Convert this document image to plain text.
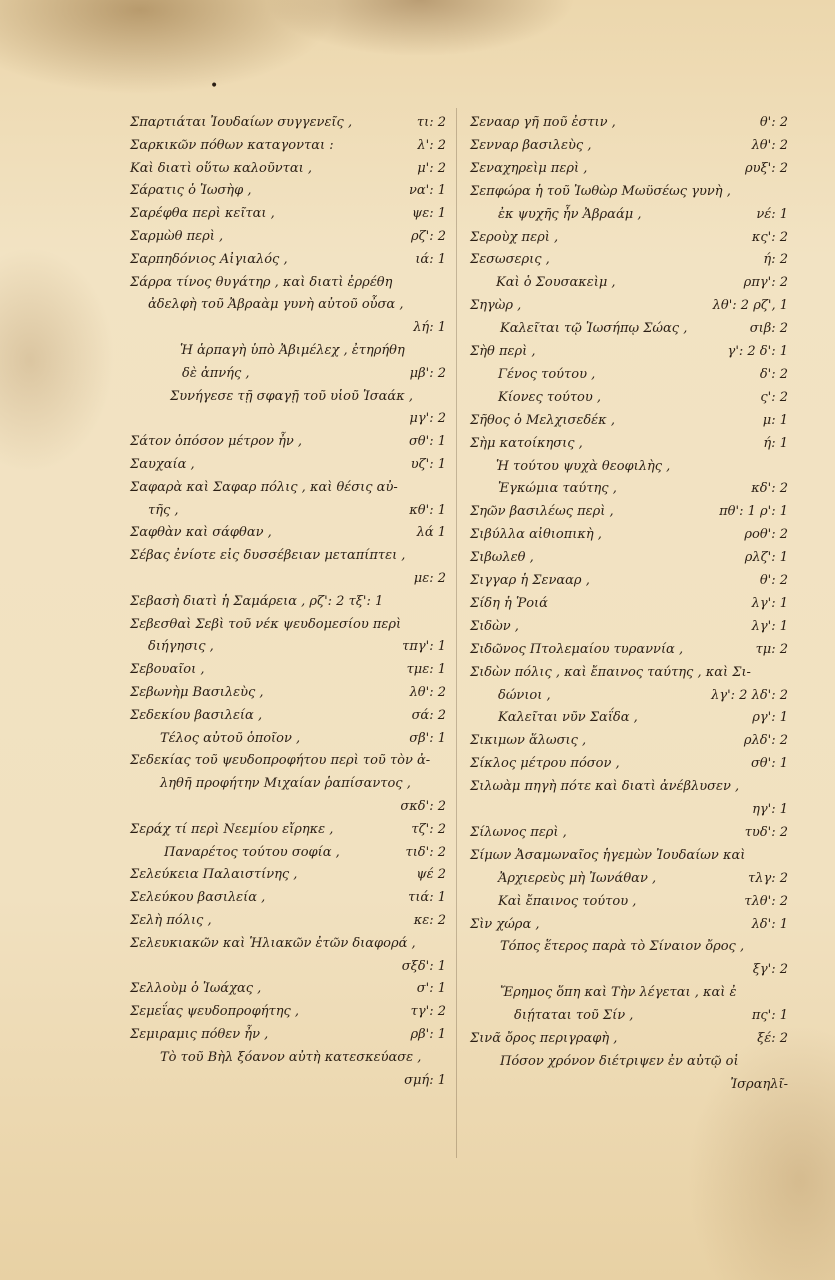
•
Σπαρτιάται Ἰουδαίων συγγενεῖς ,	τι: 2
Σαρκικῶν πόθων καταγονται :	λ': 2
Καὶ διατὶ οὕτω καλοῦνται ,	μ': 2
Σάρατις ὁ Ἰωσὴφ ,	να': 1
Σαρέφθα περὶ κεῖται ,	ψε: 1
Σαρμὼθ περὶ ,	ρζ': 2
Σαρπηδόνιος Αἰγιαλός ,	ιά: 1
Σάρρα τίνος θυγάτηρ , καὶ διατὶ ἐρρέθη
ἀδελφὴ τοῦ Ἀβραὰμ γυνὴ αὐτοῦ οὖσα ,
λή: 1
Ἡ ἁρπαγὴ ὑπὸ Ἀβιμέλεχ , ἐτηρήθη
δὲ ἀπνής ,	μβ': 2
Συνήγεσε τῇ σφαγῇ τοῦ υἱοῦ Ἰσαάκ ,
μγ': 2
Σάτον ὁπόσον μέτρον ἦν ,	σθ': 1
Σαυχαία ,	υζ': 1
Σαφαρὰ καὶ Σαφαρ πόλις , καὶ θέσις αὐ-
τῆς ,	κθ': 1
Σαφθὰν καὶ σάφθαν ,	λά 1
Σέβας ἐνίοτε εἰς δυσσέβειαν μεταπίπτει ,
με: 2
Σεβασὴ διατὶ ἡ Σαμάρεια , ρζ': 2 τξ': 1
Σεβεσθαὶ Σεβὶ τοῦ νέκ ψευδομεσίου περὶ
διήγησις ,	τπγ': 1
Σεβουαῖοι ,	τμε: 1
Σεβωνὴμ Βασιλεὺς ,	λθ': 2
Σεδεκίου βασιλεία ,	σά: 2
Τέλος αὐτοῦ ὁποῖον ,	σβ': 1
Σεδεκίας τοῦ ψευδοπροφήτου περὶ τοῦ τὸν ἀ-
ληθῆ προφήτην Μιχαίαν ῥαπίσαντος ,
σκδ': 2
Σεράχ τί περὶ Νεεμίου εἴρηκε ,	τζ': 2
Παναρέτος τούτου σοφία ,	τιδ': 2
Σελεύκεια Παλαιστίνης ,	ψέ 2
Σελεύκου βασιλεία ,	τιά: 1
Σελὴ πόλις ,	κε: 2
Σελευκιακῶν καὶ Ἡλιακῶν ἐτῶν διαφορά ,
σξδ': 1
Σελλοὺμ ὁ Ἰωάχας ,	σ': 1
Σεμεΐας ψευδοπροφήτης ,	τγ': 2
Σεμιραμις πόθεν ἦν ,	ρβ': 1
Τὸ τοῦ Βὴλ ξόανον αὐτὴ κατεσκεύασε ,
σμή: 1
Σενααρ γῆ ποῦ ἐστιν ,	θ': 2
Σενναρ βασιλεὺς ,	λθ': 2
Σεναχηρεὶμ περὶ ,	ρυξ': 2
Σεπφώρα ἡ τοῦ Ἰωθὼρ Μωϋσέως γυνὴ ,
ἐκ ψυχῆς ἦν Ἀβραάμ ,	νέ: 1
Σεροὺχ περὶ ,	κς': 2
Σεσωσερις ,	ή: 2
Καὶ ὁ Σουσακεὶμ ,	ρπγ': 2
Σηγὼρ ,	λθ': 2 ρζ', 1
Καλεῖται τῷ Ἰωσήπῳ Σώας ,	σιβ: 2
Σὴθ περὶ ,	γ': 2 δ': 1
Γένος τούτου ,	δ': 2
Κίονες τούτου ,	ς': 2
Σῆθος ὁ Μελχισεδέκ ,	μ: 1
Σὴμ κατοίκησις ,	ή: 1
Ἡ τούτου ψυχὰ θεοφιλὴς ,
Ἐγκώμια ταύτης ,	κδ': 2
Σηῶν βασιλέως περὶ ,	πθ': 1 ρ': 1
Σιβύλλα αἰθιοπικὴ ,	ροθ': 2
Σιβωλεθ ,	ρλζ': 1
Σιγγαρ ἡ Σενααρ ,	θ': 2
Σίδη ἡ Ῥοιά	λγ': 1
Σιδὼν ,	λγ': 1
Σιδῶνος Πτολεμαίου τυραννία ,	τμ: 2
Σιδὼν πόλις , καὶ ἔπαινος ταύτης , καὶ Σι-
δώνιοι ,	λγ': 2 λδ': 2
Καλεῖται νῦν Σαΐδα ,	ργ': 1
Σικιμων ἅλωσις ,	ρλδ': 2
Σίκλος μέτρου πόσον ,	σθ': 1
Σιλωὰμ πηγὴ πότε καὶ διατὶ ἀνέβλυσεν ,
ηγ': 1
Σίλωνος περὶ ,	τυδ': 2
Σίμων Ἀσαμωναῖος ἡγεμὼν Ἰουδαίων καὶ
Ἀρχιερεὺς μὴ Ἰωνάθαν ,	τλγ: 2
Καὶ ἔπαινος τούτου ,	τλθ': 2
Σὶν χώρα ,	λδ': 1
Τόπος ἕτερος παρὰ τὸ Σίναιον ὄρος ,
ξγ': 2
Ἔρημος ὅπη καὶ Τὴν λέγεται , καὶ ἐ
διῄταται τοῦ Σίν ,	πς': 1
Σινᾶ ὄρος περιγραφὴ ,	ξέ: 2
Πόσον χρόνον διέτριψεν ἐν αὐτῷ οἱ
Ἰσραηλῖ-
